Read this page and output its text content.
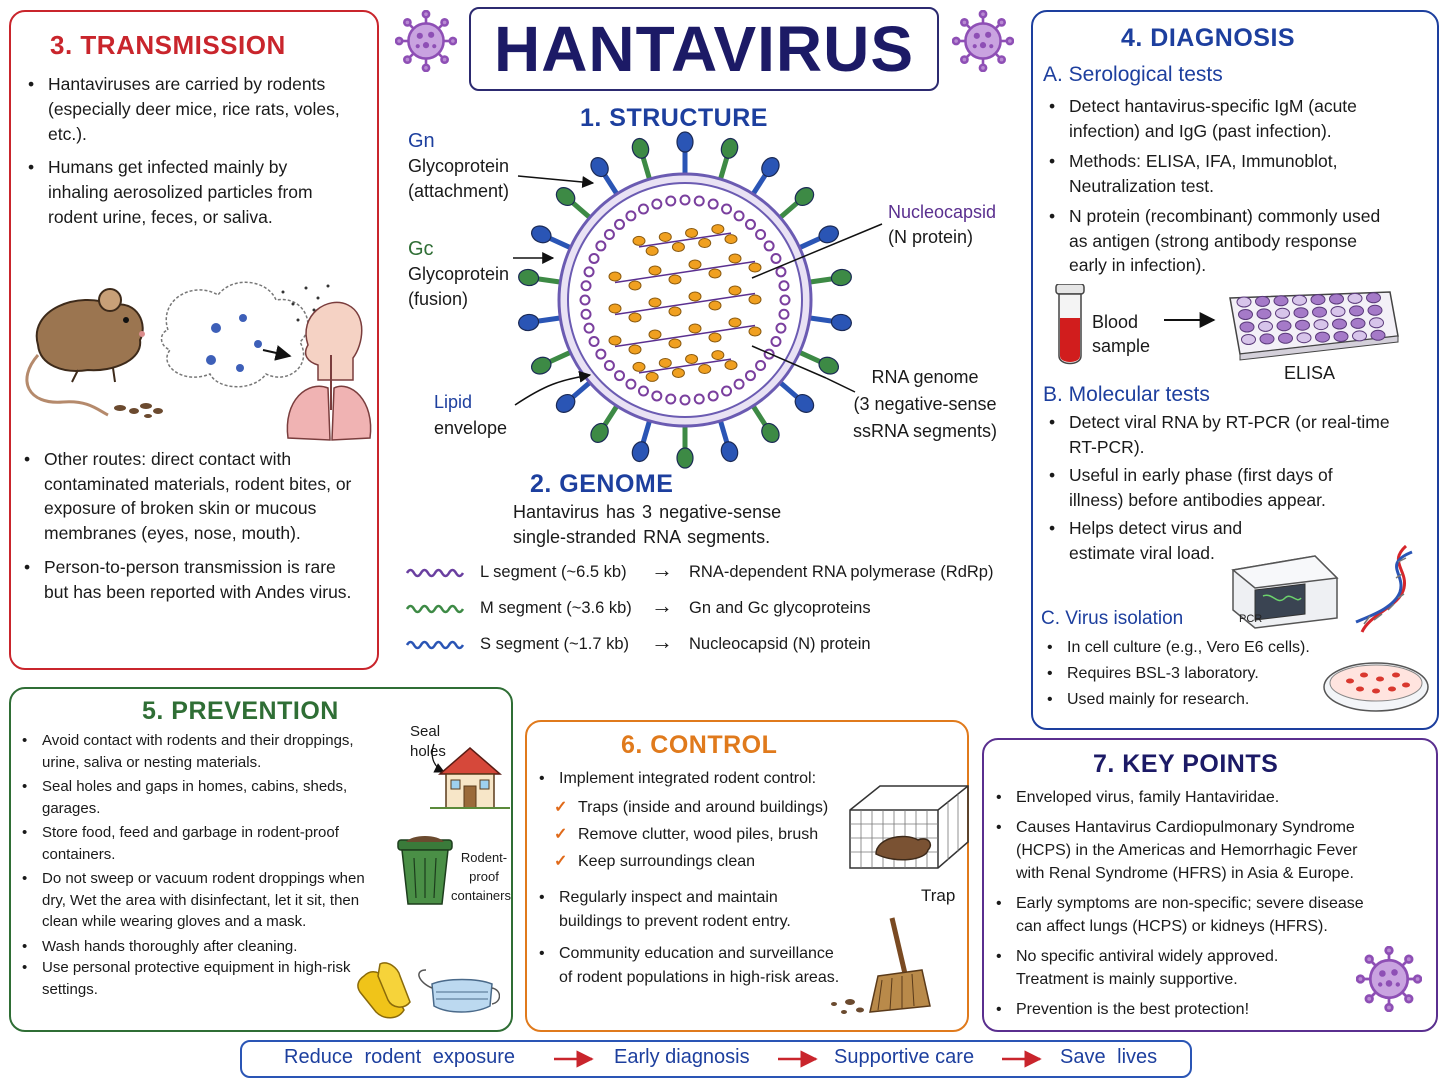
HANTAVIRUS
3. TRANSMISSION
• Hantaviruses are carried by rodents (especially deer mice, rice rats, voles, etc.).
• Humans get infected mainly by inhaling aerosolized particles from rodent urine, feces, or saliva.
• Other routes: direct contact with contaminated materials, rodent bites, or exposure of broken skin or mucous membranes (eyes, nose, mouth).
• Person-to-person transmission is rare but has been reported with Andes virus.
1. STRUCTURE
Gn
Glycoprotein
(attachment)
Gc
Glycoprotein
(fusion)
Nucleocapsid
(N protein)
Lipid
envelope
RNA genome
(3 negative-sense
ssRNA segments)
2. GENOME
Hantavirus has 3 negative-sense
single-stranded RNA segments.
L segment (~6.5 kb) → RNA-dependent RNA polymerase (RdRp)
M segment (~3.6 kb) → Gn and Gc glycoproteins
S segment (~1.7 kb) → Nucleocapsid (N) protein
4. DIAGNOSIS
A. Serological tests
• Detect hantavirus-specific IgM (acute infection) and IgG (past infection).
• Methods: ELISA, IFA, Immunoblot, Neutralization test.
• N protein (recombinant) commonly used as antigen (strong antibody response early in infection).
Blood
sample
ELISA
B. Molecular tests
• Detect viral RNA by RT-PCR (or real-time RT-PCR).
• Useful in early phase (first days of illness) before antibodies appear.
• Helps detect virus and estimate viral load.
PCR
C. Virus isolation
• In cell culture (e.g., Vero E6 cells).
• Requires BSL-3 laboratory.
• Used mainly for research.
5. PREVENTION
• Avoid contact with rodents and their droppings, urine, saliva or nesting materials.
• Seal holes and gaps in homes, cabins, sheds, garages.
• Store food, feed and garbage in rodent-proof containers.
• Do not sweep or vacuum rodent droppings when dry, Wet the area with disinfectant, let it sit, then clean while wearing gloves and a mask.
• Wash hands thoroughly after cleaning.
• Use personal protective equipment in high-risk settings.
Seal
holes
Rodent-
proof
containers
6. CONTROL
• Implement integrated rodent control:
✓ Traps (inside and around buildings)
✓ Remove clutter, wood piles, brush
✓ Keep surroundings clean
• Regularly inspect and maintain buildings to prevent rodent entry.
• Community education and surveillance of rodent populations in high-risk areas.
Trap
7. KEY POINTS
• Enveloped virus, family Hantaviridae.
• Causes Hantavirus Cardiopulmonary Syndrome (HCPS) in the Americas and Hemorrhagic Fever with Renal Syndrome (HFRS) in Asia & Europe.
• Early symptoms are non-specific; severe disease can affect lungs (HCPS) or kidneys (HFRS).
• No specific antiviral widely approved. Treatment is mainly supportive.
• Prevention is the best protection!
Reduce rodent exposure	Early diagnosis	Supportive care	Save lives
